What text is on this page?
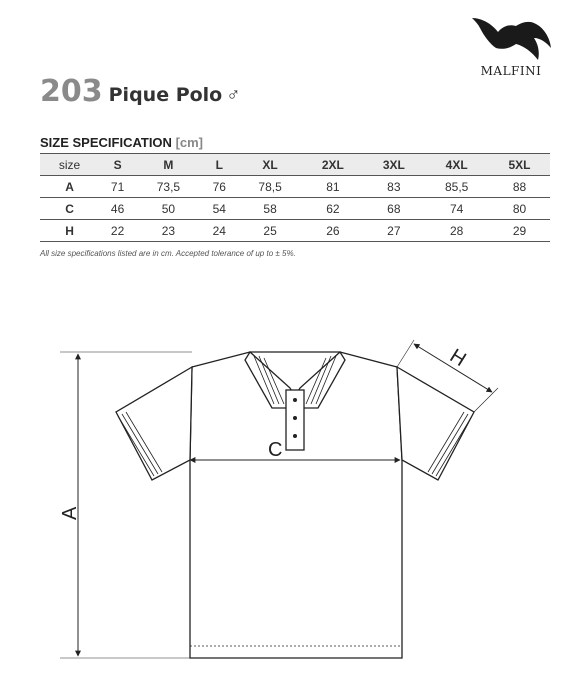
MALFINI
203 Pique Polo ♂
SIZE SPECIFICATION [cm]
size	S	M	L	XL	2XL	3XL	4XL	5XL
A	71	73,5	76	78,5	81	83	85,5	88
C	46	50	54	58	62	68	74	80
H	22	23	24	25	26	27	28	29
All size specifications listed are in cm. Accepted tolerance of up to ± 5%.
A
C
H
